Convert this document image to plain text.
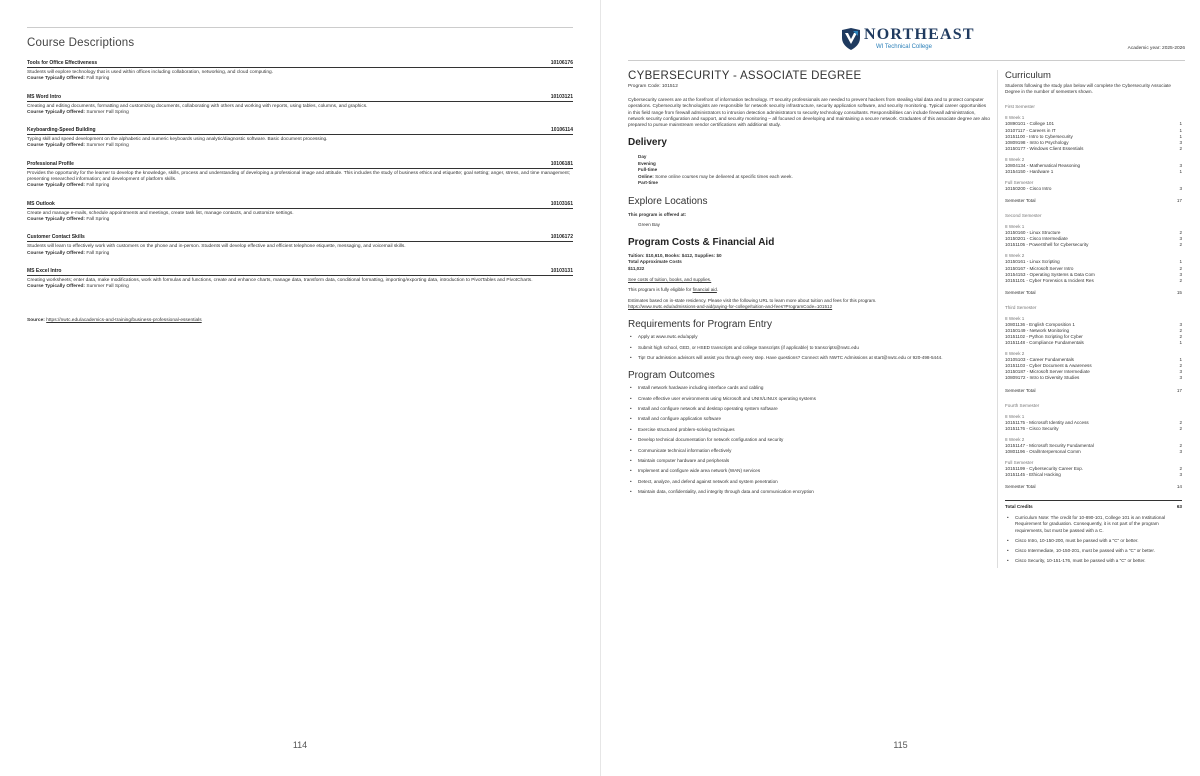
Course Descriptions
Tools for Office Effectiveness	10106176
Students will explore technology that is used within offices including collaboration, networking, and cloud computing.
Course Typically Offered: Fall Spring
MS Word Intro	10103121
Creating and editing documents, formatting and customizing documents, collaborating with others and working with reports, using tables, columns, and graphics.
Course Typically Offered: Summer Fall Spring
Keyboarding-Speed Building	10106114
Typing skill and speed development on the alphabetic and numeric keyboards using analytic/diagnostic software. Basic document processing.
Course Typically Offered: Summer Fall Spring
Professional Profile	10106181
Provides the opportunity for the learner to develop the knowledge, skills, process and understanding of developing a professional image and attitude. This includes the study of business ethics and etiquette; goal setting; anger, stress, and time management; presenting researched information; and development of platform skills.
Course Typically Offered: Fall Spring
MS Outlook	10103161
Create and manage e-mails, schedule appointments and meetings, create task list, manage contacts, and customize settings.
Course Typically Offered: Fall Spring
Customer Contact Skills	10106172
Students will learn to effectively work with customers on the phone and in-person. Students will develop effective and efficient telephone etiquette, messaging, and voicemail skills.
Course Typically Offered: Fall Spring
MS Excel Intro	10103131
Creating worksheets; enter data, make modifications, work with formulas and functions, create and enhance charts, manage data, transform data, conditional formatting, importing/exporting data, introduction to PivotTables and PivotCharts.
Course Typically Offered: Summer Fall Spring
Source: https://nwtc.edu/academics-and-training/business-professional-essentials
114
NORTHEAST
WI Technical College	Academic year: 2025-2026
CYBERSECURITY - ASSOCIATE DEGREE
Program Code: 101512
Cybersecurity careers are at the forefront of information technology. IT security professionals are needed to prevent hackers from stealing vital data and to protect computer operations. Cybersecurity technologists are responsible for network security infrastructure, security application software, and security monitoring. Typical career opportunities in this field range from firewall administrators to intrusion detection administrators to security technology consultants. Responsibilities can include firewall administration, network security configuration and support, and security monitoring – all focused on developing and maintaining a secure network. Graduates of this associate degree are also prepared to pursue mainstream vendor certifications with additional study.
Delivery
Day
Evening
Full-time
Online: Some online courses may be delivered at specific times each week.
Part-time
Explore Locations
This program is offered at:
Green Bay
Program Costs & Financial Aid
Tuition: $10,610, Books: $412, Supplies: $0
Total Approximate Costs
$11,022
See costs of tuition, books, and supplies.
This program is fully eligible for financial aid.
Estimates based on in-state residency. Please visit the following URL to learn more about tuition and fees for this program.
https://www.nwtc.edu/admissions-and-aid/paying-for-college/tuition-and-fees?ProgramCode=101512
Requirements for Program Entry
• Apply at www.nwtc.edu/apply
• Submit high school, GED, or HSED transcripts and college transcripts (if applicable) to transcripts@nwtc.edu
• Tip! Our admission advisors will assist you through every step. Have questions? Connect with NWTC Admissions at start@nwtc.edu or 920-498-5444.
Program Outcomes
• Install network hardware including interface cards and cabling
• Create effective user environments using Microsoft and UNIX/LINUX operating systems
• Install and configure network and desktop operating system software
• Install and configure application software
• Exercise structured problem-solving techniques
• Develop technical documentation for network configuration and security
• Communicate technical information effectively
• Maintain computer hardware and peripherals
• Implement and configure wide area network (WAN) services
• Detect, analyze, and defend against network and system penetration
• Maintain data, confidentiality, and integrity through data and communication encryption
Curriculum
Students following the study plan below will complete the Cybersecurity Associate Degree in the number of semesters shown.
First Semester
8 Week 1
10890101 - College 101	1
10107117 - Careers in IT	1
10151100 - Intro to Cybersecurity	1
10809198 - Intro to Psychology	3
10150177 - Windows Client Essentials	2
8 Week 2
10804134 - Mathematical Reasoning	3
10154150 - Hardware 1	1
Full Semester
10150200 - Cisco Intro	3
Semester Total	17
Second Semester
8 Week 1
10150160 - Linux Structure	2
10150201 - Cisco Intermediate	3
10151105 - PowerShell for Cybersecurity	2
8 Week 2
10150161 - Linux Scripting	1
10150167 - Microsoft Server Intro	2
10154153 - Operating Systems & Data Com	3
10151101 - Cyber Forensics & Incident Res	2
Semester Total	15
Third Semester
8 Week 1
10801136 - English Composition 1	3
10150149 - Network Monitoring	2
10151102 - Python Scripting for Cyber	2
10151148 - Compliance Fundamentals	1
8 Week 2
10105103 - Career Fundamentals	1
10151103 - Cyber Document & Awareness	2
10150187 - Microsoft Server Intermediate	3
10809172 - Intro to Diversity Studies	3
Semester Total	17
Fourth Semester
8 Week 1
10151175 - Microsoft Identity and Access	2
10151176 - Cisco Security	2
8 Week 2
10151147 - Microsoft Security Fundamental	2
10801196 - Oral/Interpersonal Comm	3
Full Semester
10151199 - Cybersecurity Career Exp.	2
10151145 - Ethical Hacking	3
Semester Total	14
Total Credits	63
• Curriculum Note: The credit for 10-890-101, College 101 is an Institutional Requirement for graduation. Consequently, it is not part of the program requirements, but must be passed with a C.
• Cisco Intro, 10-150-200, must be passed with a "C" or better.
• Cisco Intermediate, 10-150-201, must be passed with a "C" or better.
• Cisco Security, 10-151-176, must be passed with a "C" or better.
115
